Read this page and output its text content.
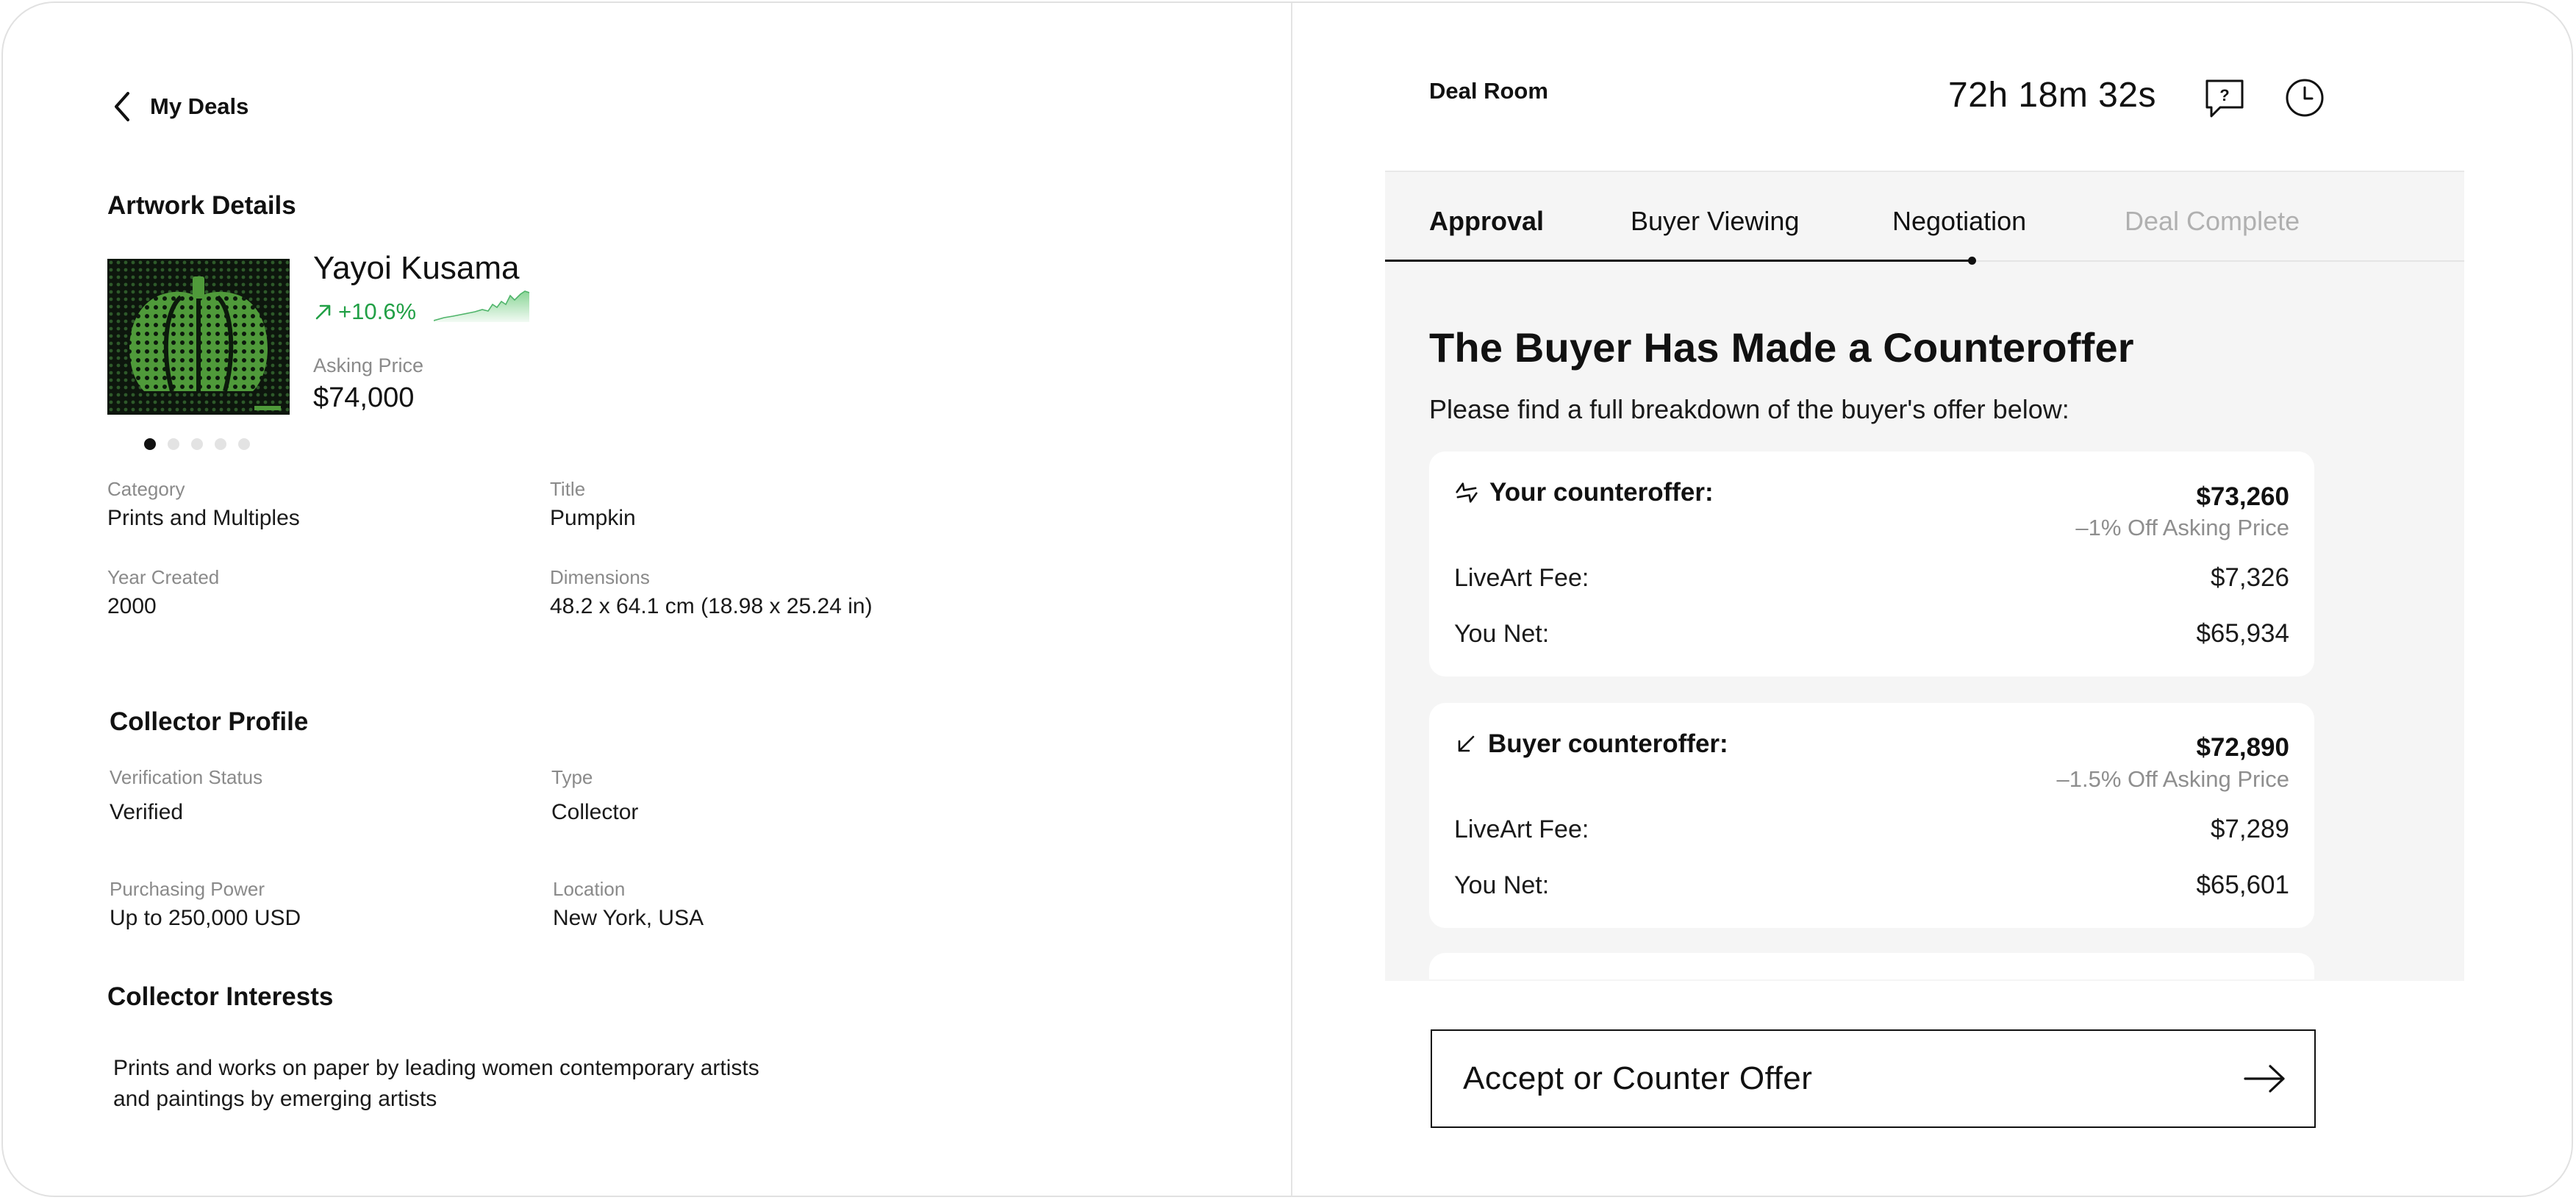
My Deals
Artwork Details
Yayoi Kusama
+10.6%
Asking Price
$74,000
Category
Prints and Multiples
Title
Pumpkin
Year Created
2000
Dimensions
48.2 x 64.1 cm (18.98 x 25.24 in)
Collector Profile
Verification Status
Verified
Type
Collector
Purchasing Power
Up to 250,000 USD
Location
New York, USA
Collector Interests
Prints and works on paper by leading women contemporary artists
and paintings by emerging artists
Deal Room	72h 18m 32s	?
Approval	Buyer Viewing	Negotiation	Deal Complete
The Buyer Has Made a Counteroffer
Please find a full breakdown of the buyer's offer below:
Your counteroffer:	$73,260
–1% Off Asking Price
LiveArt Fee:	$7,326
You Net:	$65,934
Buyer counteroffer:	$72,890
–1.5% Off Asking Price
LiveArt Fee:	$7,289
You Net:	$65,601
Accept or Counter Offer
